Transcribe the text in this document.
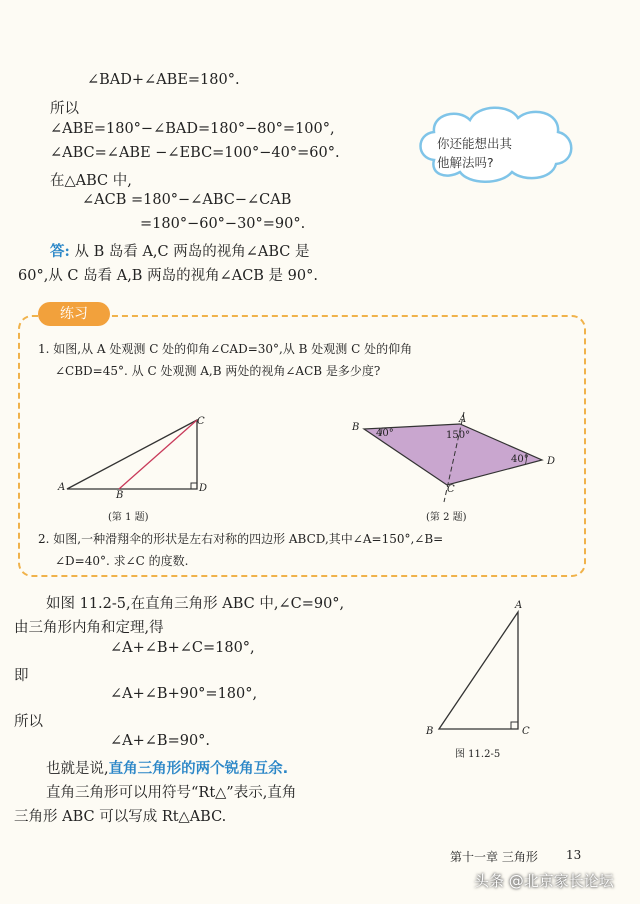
∠BAD+∠ABE=180°.
所以
∠ABE=180°−∠BAD=180°−80°=100°,
∠ABC=∠ABE −∠EBC=100°−40°=60°.
在△ABC 中,
∠ACB =180°−∠ABC−∠CAB
=180°−60°−30°=90°.
答: 从 B 岛看 A,C 两岛的视角∠ABC 是
60°,从 C 岛看 A,B 两岛的视角∠ACB 是 90°.
你还能想出其
他解法吗?
练习
1. 如图,从 A 处观测 C 处的仰角∠CAD=30°,从 B 处观测 C 处的仰角
∠CBD=45°. 从 C 处观测 A,B 两处的视角∠ACB 是多少度?
A
B
C
D
(第 1 题)
B
A
D
C
40°	150°
40°
(第 2 题)
2. 如图,一种滑翔伞的形状是左右对称的四边形 ABCD,其中∠A=150°,∠B=
∠D=40°. 求∠C 的度数.
如图 11.2-5,在直角三角形 ABC 中,∠C=90°,
由三角形内角和定理,得
∠A+∠B+∠C=180°,
即
∠A+∠B+90°=180°,
所以
∠A+∠B=90°.
也就是说,直角三角形的两个锐角互余.
直角三角形可以用符号“Rt△”表示,直角
三角形 ABC 可以写成 Rt△ABC.
A
B	C
图 11.2-5
第十一章 三角形 13
头条 @北京家长论坛
